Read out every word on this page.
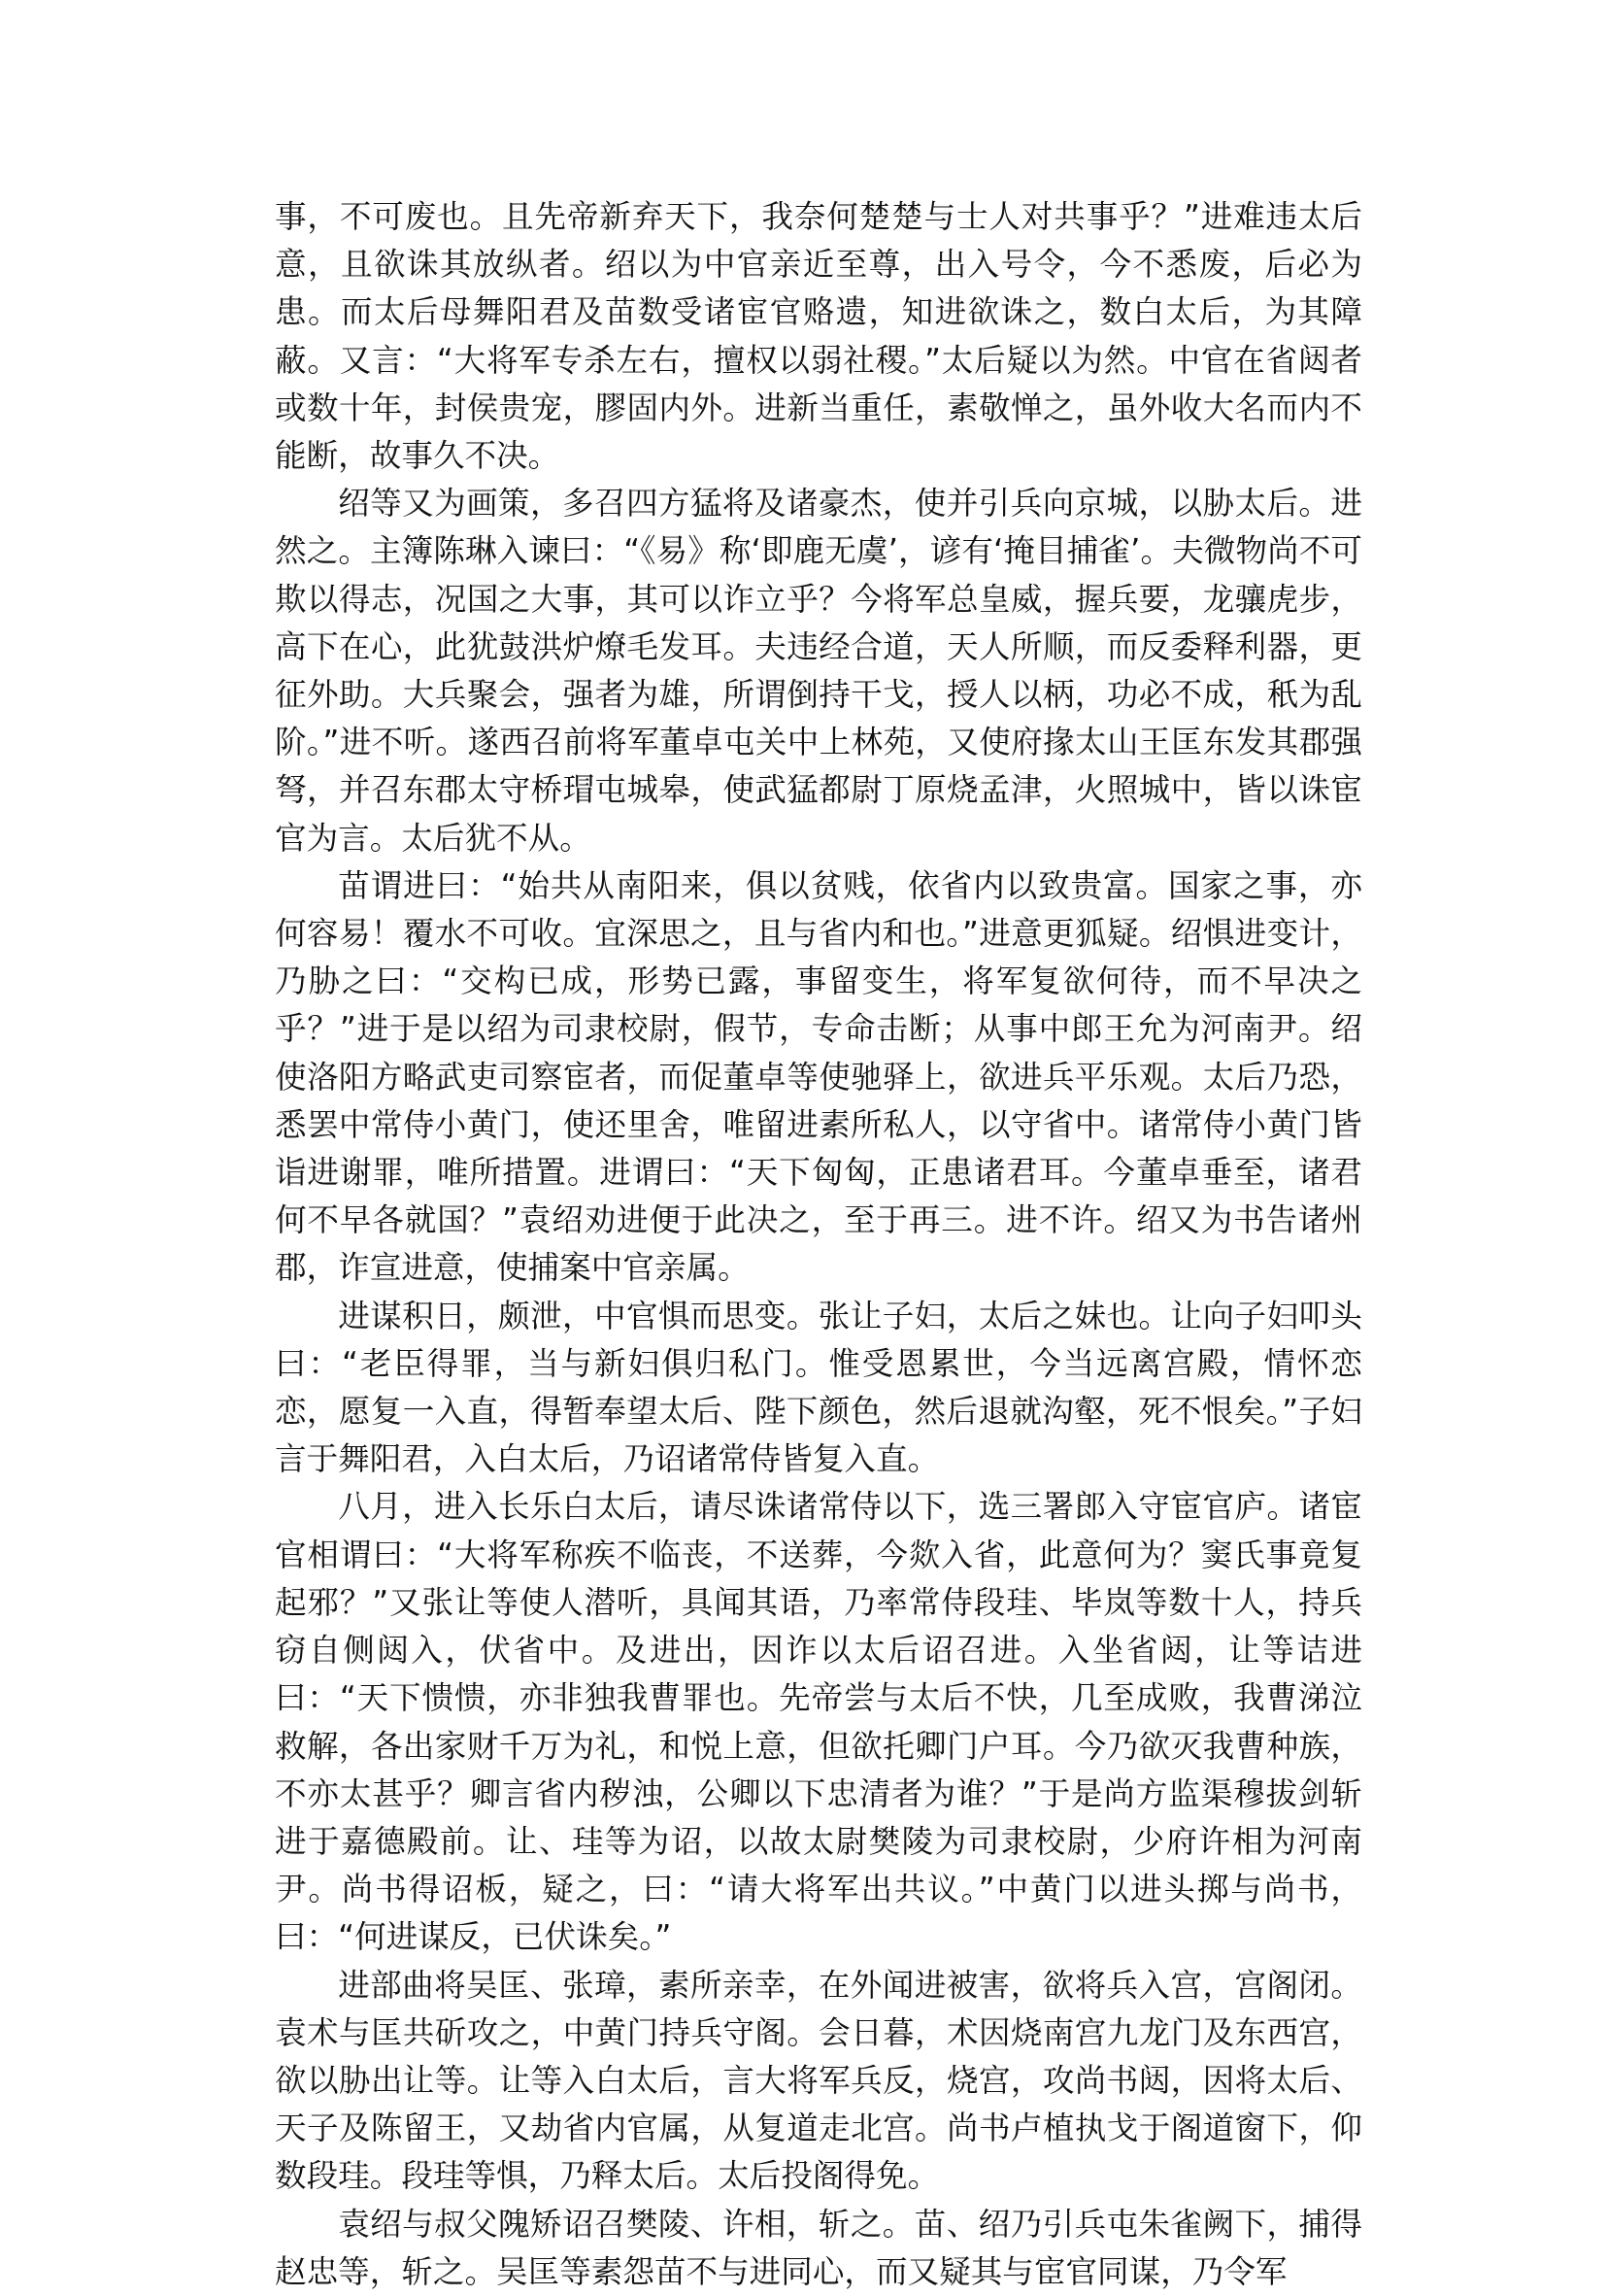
事，不可废也。且先帝新弃天下，我奈何楚楚与士人对共事乎？”进难违太后意，且欲诛其放纵者。绍以为中官亲近至尊，出入号令，今不悉废，后必为患。而太后母舞阳君及苗数受诸宦官赂遗，知进欲诛之，数白太后，为其障蔽。又言：“大将军专杀左右，擅权以弱社稷。”太后疑以为然。中官在省闼者或数十年，封侯贵宠，膠固内外。进新当重任，素敬惮之，虽外收大名而内不能断，故事久不决。

绍等又为画策，多召四方猛将及诸豪杰，使并引兵向京城，以胁太后。进然之。主簿陈琳入谏曰：“《易》称‘即鹿无虞’，谚有‘掩目捕雀’。夫微物尚不可欺以得志，况国之大事，其可以诈立乎？今将军总皇威，握兵要，龙骧虎步，高下在心，此犹鼓洪炉燎毛发耳。夫违经合道，天人所顺，而反委释利器，更征外助。大兵聚会，强者为雄，所谓倒持干戈，授人以柄，功必不成，秖为乱阶。”进不听。遂西召前将军董卓屯关中上林苑，又使府掾太山王匡东发其郡强弩，并召东郡太守桥瑁屯城皋，使武猛都尉丁原烧孟津，火照城中，皆以诛宦官为言。太后犹不从。

苗谓进曰：“始共从南阳来，俱以贫贱，依省内以致贵富。国家之事，亦何容易！覆水不可收。宜深思之，且与省内和也。”进意更狐疑。绍惧进变计，乃胁之曰：“交构已成，形势已露，事留变生，将军复欲何待，而不早决之乎？”进于是以绍为司隶校尉，假节，专命击断；从事中郎王允为河南尹。绍使洛阳方略武吏司察宦者，而促董卓等使驰驿上，欲进兵平乐观。太后乃恐，悉罢中常侍小黄门，使还里舍，唯留进素所私人，以守省中。诸常侍小黄门皆诣进谢罪，唯所措置。进谓曰：“天下匈匈，正患诸君耳。今董卓垂至，诸君何不早各就国？”袁绍劝进便于此决之，至于再三。进不许。绍又为书告诸州郡，诈宣进意，使捕案中官亲属。

进谋积日，颇泄，中官惧而思变。张让子妇，太后之妹也。让向子妇叩头曰：“老臣得罪，当与新妇俱归私门。惟受恩累世，今当远离宫殿，情怀恋恋，愿复一入直，得暂奉望太后、陛下颜色，然后退就沟壑，死不恨矣。”子妇言于舞阳君，入白太后，乃诏诸常侍皆复入直。

八月，进入长乐白太后，请尽诛诸常侍以下，选三署郎入守宦官庐。诸宦官相谓曰：“大将军称疾不临丧，不送葬，今欻入省，此意何为？窦氏事竟复起邪？”又张让等使人潜听，具闻其语，乃率常侍段珪、毕岚等数十人，持兵窃自侧闼入，伏省中。及进出，因诈以太后诏召进。入坐省闼，让等诘进曰：“天下愦愦，亦非独我曹罪也。先帝尝与太后不快，几至成败，我曹涕泣救解，各出家财千万为礼，和悦上意，但欲托卿门户耳。今乃欲灭我曹种族，不亦太甚乎？卿言省内秽浊，公卿以下忠清者为谁？”于是尚方监渠穆拔剑斩进于嘉德殿前。让、珪等为诏，以故太尉樊陵为司隶校尉，少府许相为河南尹。尚书得诏板，疑之，曰：“请大将军出共议。”中黄门以进头掷与尚书，曰：“何进谋反，已伏诛矣。”

进部曲将吴匡、张璋，素所亲幸，在外闻进被害，欲将兵入宫，宫阁闭。袁术与匡共斫攻之，中黄门持兵守阁。会日暮，术因烧南宫九龙门及东西宫，欲以胁出让等。让等入白太后，言大将军兵反，烧宫，攻尚书闼，因将太后、天子及陈留王，又劫省内官属，从复道走北宫。尚书卢植执戈于阁道窗下，仰数段珪。段珪等惧，乃释太后。太后投阁得免。

袁绍与叔父隗矫诏召樊陵、许相，斩之。苗、绍乃引兵屯朱雀阙下，捕得赵忠等，斩之。吴匡等素怨苗不与进同心，而又疑其与宦官同谋，乃令军
